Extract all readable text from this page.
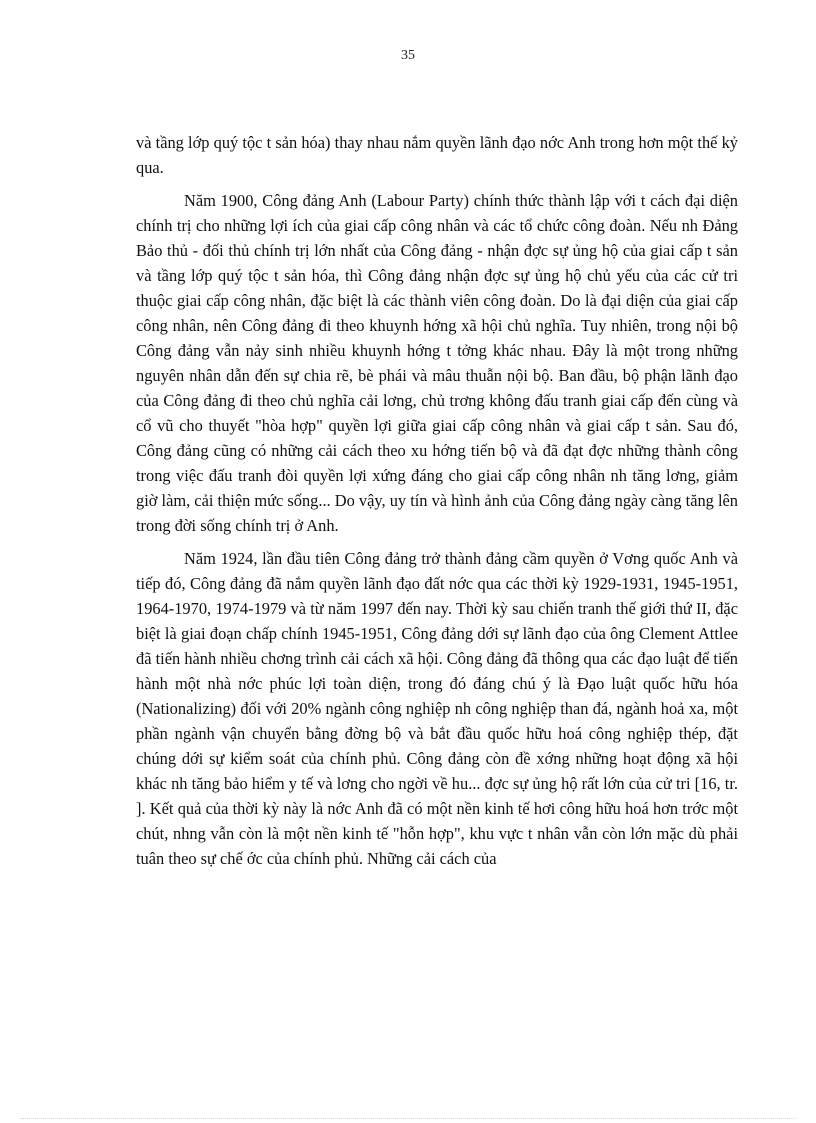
35

và tầng lớp quý tộc t sản hóa) thay nhau nắm quyền lãnh đạo nớc Anh trong hơn một thế kỷ qua.

Năm 1900, Công đảng Anh (Labour Party) chính thức thành lập với t cách đại diện chính trị cho những lợi ích của giai cấp công nhân và các tổ chức công đoàn. Nếu nh Đảng Bảo thủ - đối thủ chính trị lớn nhất của Công đảng - nhận đợc sự ủng hộ của giai cấp t sản và tầng lớp quý tộc t sản hóa, thì Công đảng nhận đợc sự ủng hộ chủ yếu của các cử tri thuộc giai cấp công nhân, đặc biệt là các thành viên công đoàn. Do là đại diện của giai cấp công nhân, nên Công đảng đi theo khuynh hớng xã hội chủ nghĩa. Tuy nhiên, trong nội bộ Công đảng vẫn nảy sinh nhiều khuynh hớng t tởng khác nhau. Đây là một trong những nguyên nhân dẫn đến sự chia rẽ, bè phái và mâu thuẫn nội bộ. Ban đầu, bộ phận lãnh đạo của Công đảng đi theo chủ nghĩa cải lơng, chủ trơng không đấu tranh giai cấp đến cùng và cổ vũ cho thuyết "hòa hợp" quyền lợi giữa giai cấp công nhân và giai cấp t sản. Sau đó, Công đảng cũng có những cải cách theo xu hớng tiến bộ và đã đạt đợc những thành công trong việc đấu tranh đòi quyền lợi xứng đáng cho giai cấp công nhân nh tăng lơng, giảm giờ làm, cải thiện mức sống... Do vậy, uy tín và hình ảnh của Công đảng ngày càng tăng lên trong đời sống chính trị ở Anh.

Năm 1924, lần đầu tiên Công đảng trở thành đảng cầm quyền ở Vơng quốc Anh và tiếp đó, Công đảng đã nắm quyền lãnh đạo đất nớc qua các thời kỳ 1929-1931, 1945-1951, 1964-1970, 1974-1979 và từ năm 1997 đến nay. Thời kỳ sau chiến tranh thế giới thứ II, đặc biệt là giai đoạn chấp chính 1945-1951, Công đảng dới sự lãnh đạo của ông Clement Attlee đã tiến hành nhiều chơng trình cải cách xã hội. Công đảng đã thông qua các đạo luật để tiến hành một nhà nớc phúc lợi toàn diện, trong đó đáng chú ý là Đạo luật quốc hữu hóa (Nationalizing) đối với 20% ngành công nghiệp nh công nghiệp than đá, ngành hoả xa, một phần ngành vận chuyển bằng đờng bộ và bắt đầu quốc hữu hoá công nghiệp thép, đặt chúng dới sự kiểm soát của chính phủ. Công đảng còn đề xớng những hoạt động xã hội khác nh tăng bảo hiểm y tế và lơng cho ngời về hu... đợc sự ủng hộ rất lớn của cử tri [16, tr. ]. Kết quả của thời kỳ này là nớc Anh đã có một nền kinh tế hơi công hữu hoá hơn trớc một chút, nhng vẫn còn là một nền kinh tế "hỗn hợp", khu vực t nhân vẫn còn lớn mặc dù phải tuân theo sự chế ớc của chính phủ. Những cải cách của
